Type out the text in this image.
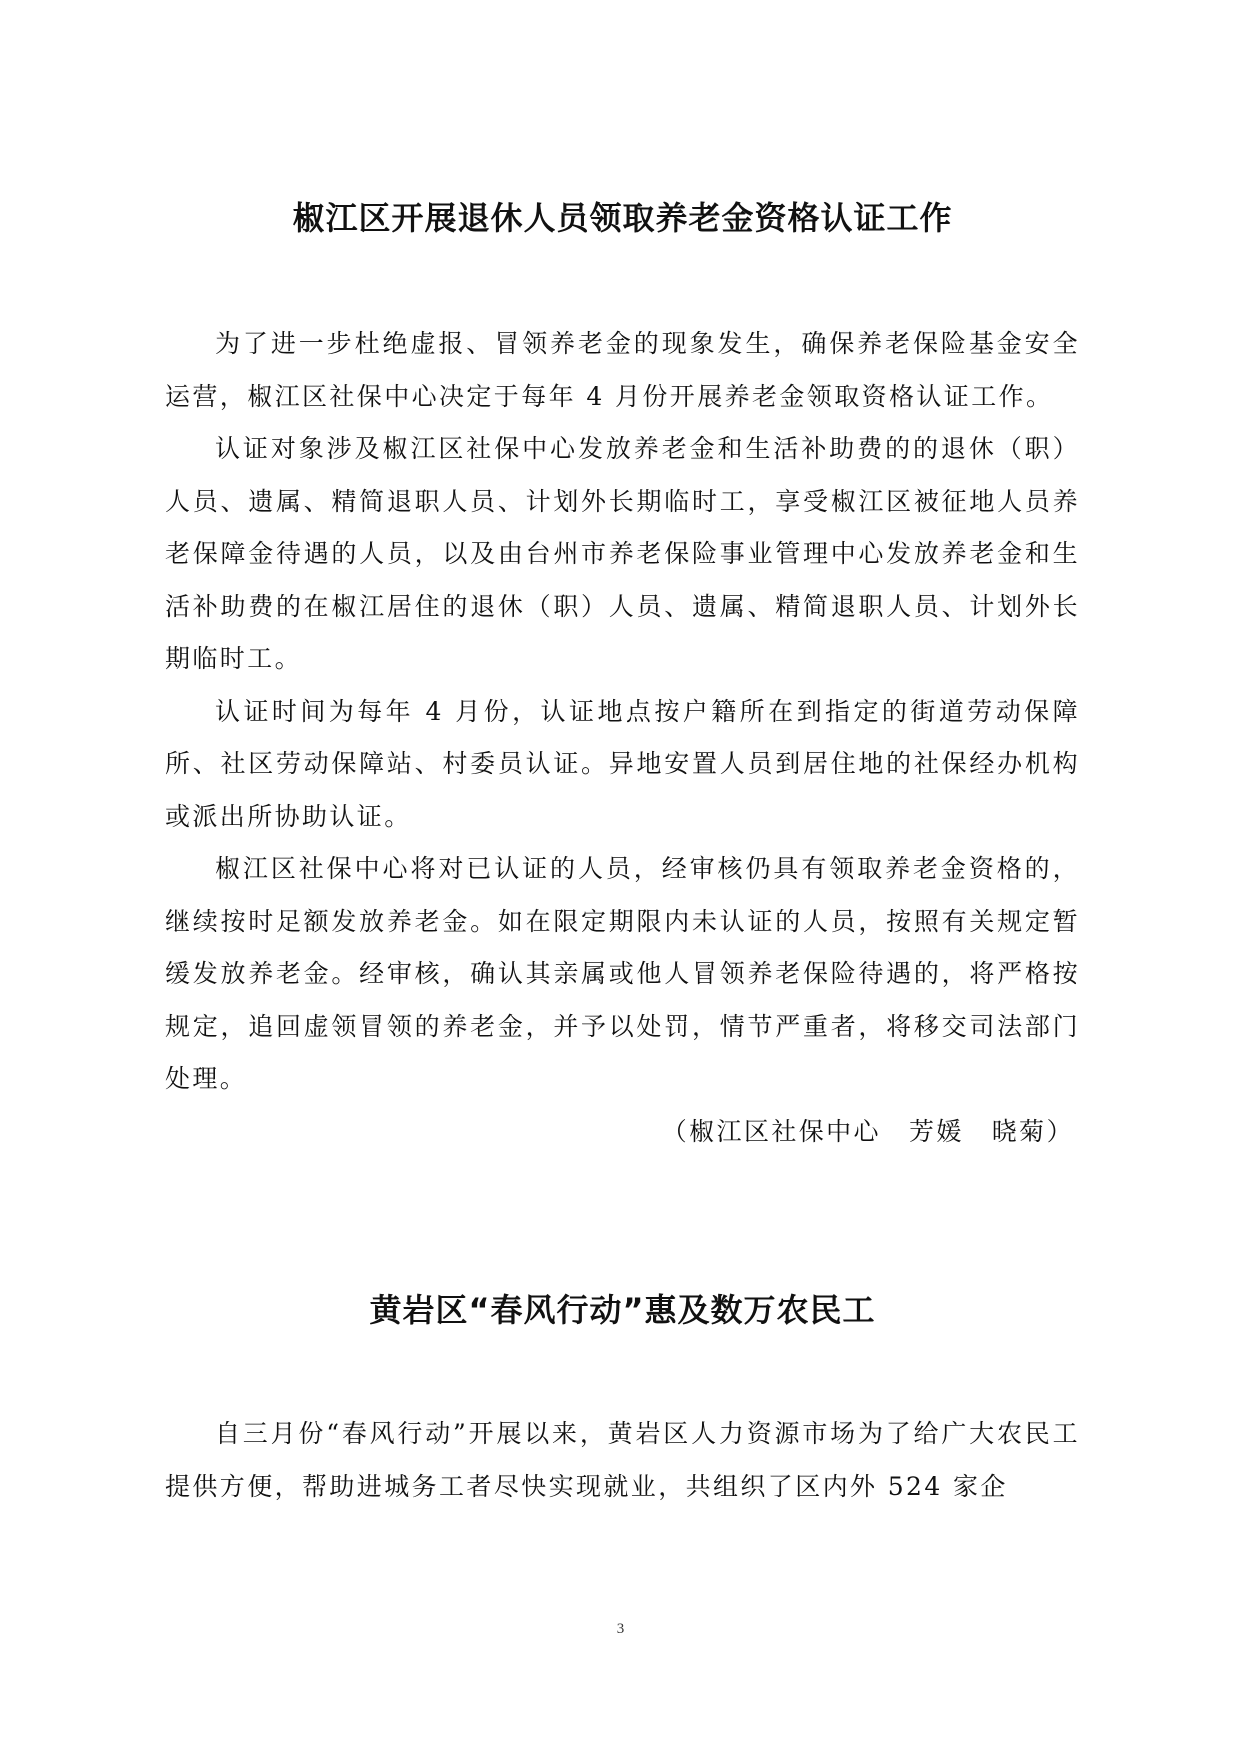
椒江区开展退休人员领取养老金资格认证工作

为了进一步杜绝虚报、冒领养老金的现象发生，确保养老保险基金安全运营，椒江区社保中心决定于每年 4 月份开展养老金领取资格认证工作。

认证对象涉及椒江区社保中心发放养老金和生活补助费的的退休（职）人员、遗属、精简退职人员、计划外长期临时工，享受椒江区被征地人员养老保障金待遇的人员，以及由台州市养老保险事业管理中心发放养老金和生活补助费的在椒江居住的退休（职）人员、遗属、精简退职人员、计划外长期临时工。

认证时间为每年 4 月份，认证地点按户籍所在到指定的街道劳动保障所、社区劳动保障站、村委员认证。异地安置人员到居住地的社保经办机构或派出所协助认证。

椒江区社保中心将对已认证的人员，经审核仍具有领取养老金资格的，继续按时足额发放养老金。如在限定期限内未认证的人员，按照有关规定暂缓发放养老金。经审核，确认其亲属或他人冒领养老保险待遇的，将严格按规定，追回虚领冒领的养老金，并予以处罚，情节严重者，将移交司法部门处理。

（椒江区社保中心 芳媛 晓菊）

黄岩区“春风行动”惠及数万农民工

自三月份“春风行动”开展以来，黄岩区人力资源市场为了给广大农民工提供方便，帮助进城务工者尽快实现就业，共组织了区内外 524 家企

3
